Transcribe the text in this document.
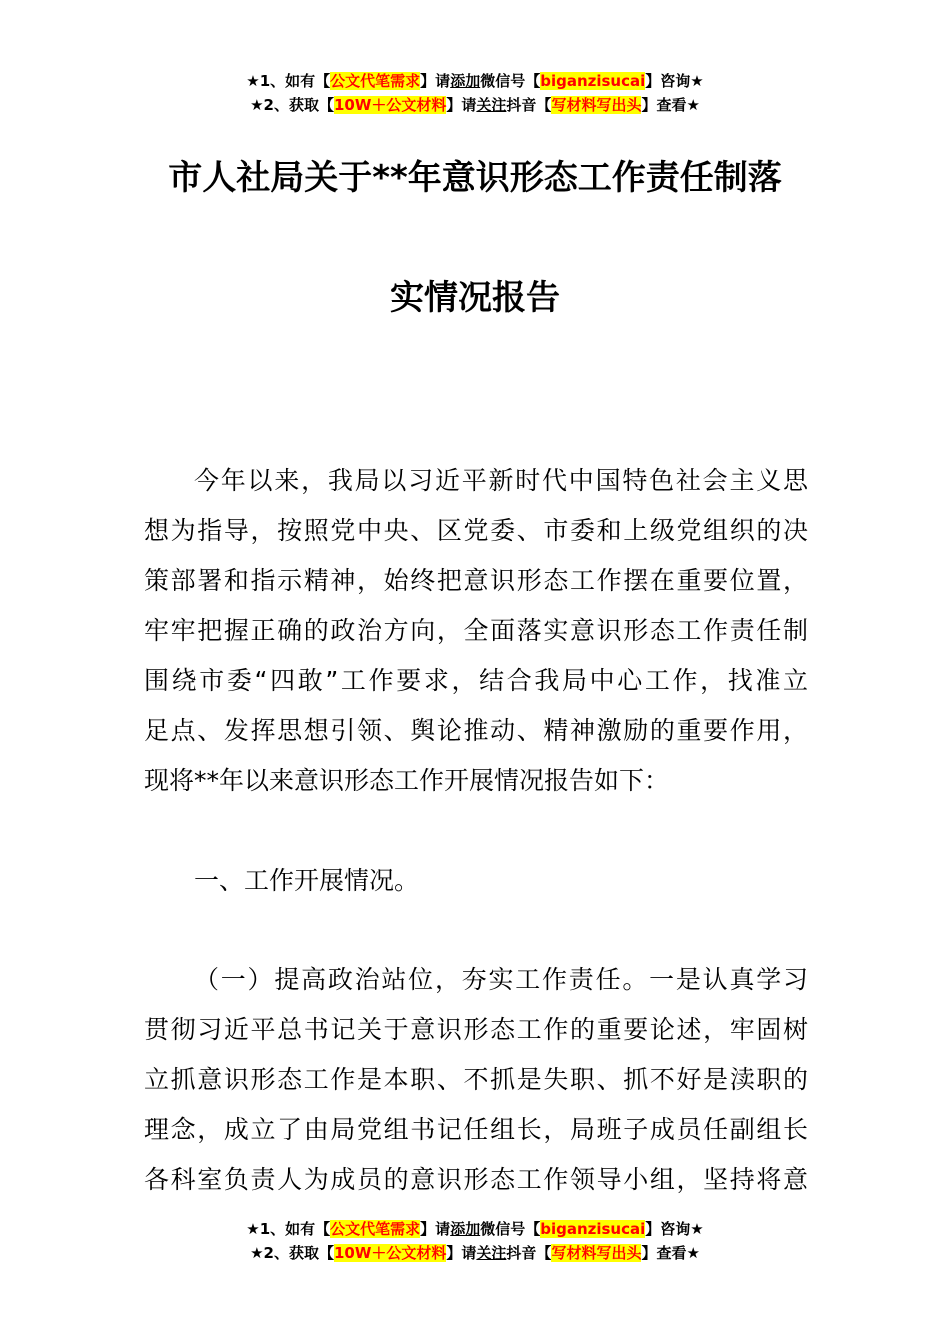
★1、如有【公文代笔需求】请添加微信号【biganzisucai】咨询★
★2、获取【10W＋公文材料】请关注抖音【写材料写出头】查看★
市人社局关于**年意识形态工作责任制落
实情况报告
今年以来，我局以习近平新时代中国特色社会主义思
想为指导，按照党中央、区党委、市委和上级党组织的决
策部署和指示精神，始终把意识形态工作摆在重要位置，
牢牢把握正确的政治方向，全面落实意识形态工作责任制
围绕市委“四敢”工作要求，结合我局中心工作，找准立
足点、发挥思想引领、舆论推动、精神激励的重要作用，
现将**年以来意识形态工作开展情况报告如下：
一、工作开展情况。
（一）提高政治站位，夯实工作责任。一是认真学习
贯彻习近平总书记关于意识形态工作的重要论述，牢固树
立抓意识形态工作是本职、不抓是失职、抓不好是渎职的
理念，成立了由局党组书记任组长，局班子成员任副组长
各科室负责人为成员的意识形态工作领导小组，坚持将意
★1、如有【公文代笔需求】请添加微信号【biganzisucai】咨询★
★2、获取【10W＋公文材料】请关注抖音【写材料写出头】查看★
